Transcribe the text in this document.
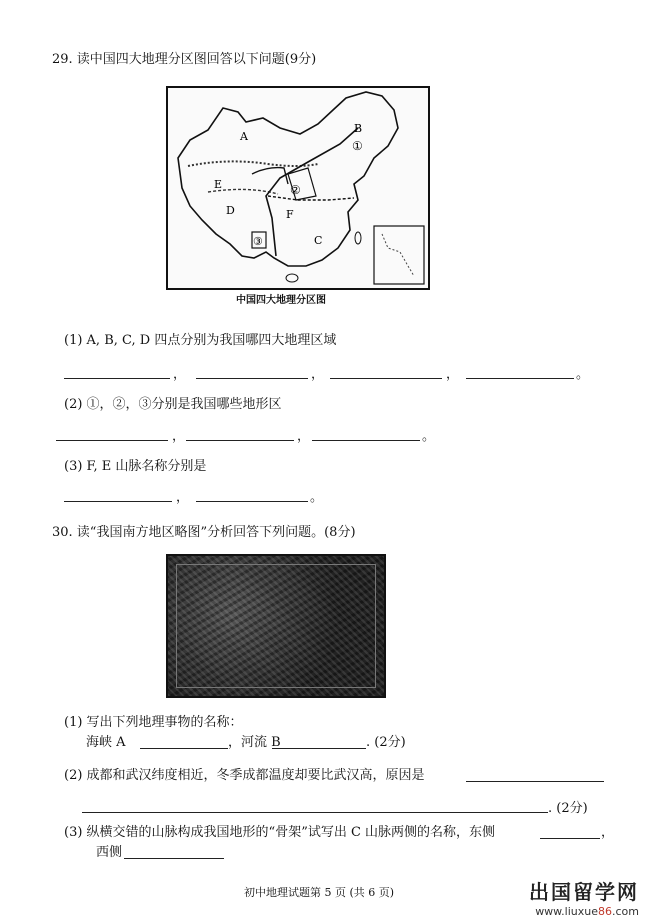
29. 读中国四大地理分区图回答以下问题(9分)
A
B
①
②
E
D	F
C
③
中国四大地理分区图
(1) A, B, C, D 四点分别为我国哪四大地理区域
，	，	，	。
(2) ①，②，③分别是我国哪些地形区
，	，	。
(3) F, E 山脉名称分别是
，	。
30. 读“我国南方地区略图”分析回答下列问题。(8分)
(1) 写出下列地理事物的名称：
海峡 A	，河流 B	. (2分)
(2) 成都和武汉纬度相近，冬季成都温度却要比武汉高，原因是
. (2分)
(3) 纵横交错的山脉构成我国地形的“骨架”试写出 C 山脉两侧的名称，东侧	，
西侧
初中地理试题第 5 页 (共 6 页)	出国留学网
www.liuxue86.com
